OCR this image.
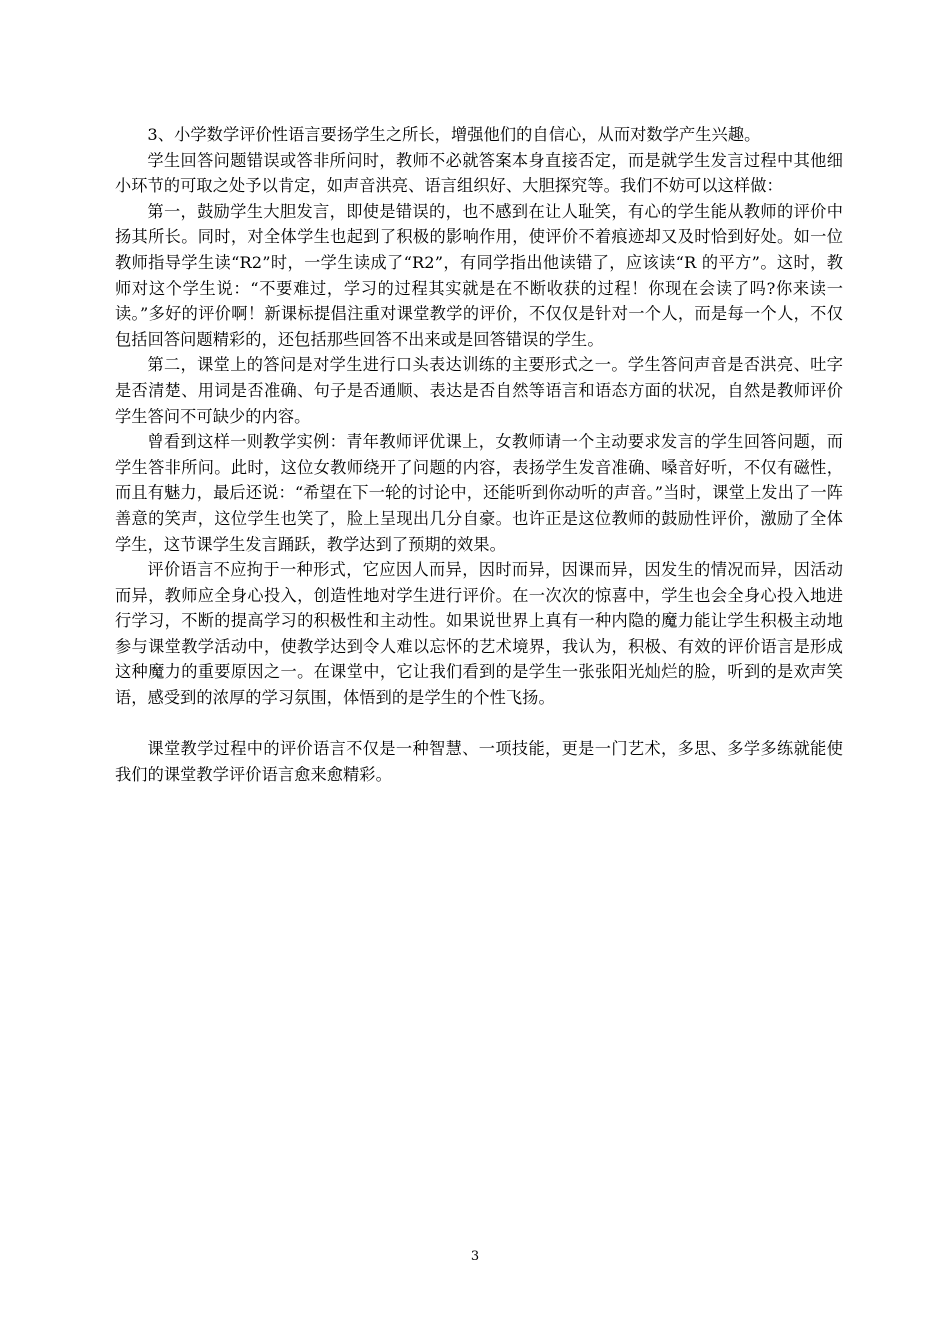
3、小学数学评价性语言要扬学生之所长，增强他们的自信心，从而对数学产生兴趣。

学生回答问题错误或答非所问时，教师不必就答案本身直接否定，而是就学生发言过程中其他细小环节的可取之处予以肯定，如声音洪亮、语言组织好、大胆探究等。我们不妨可以这样做：

第一，鼓励学生大胆发言，即使是错误的，也不感到在让人耻笑，有心的学生能从教师的评价中扬其所长。同时，对全体学生也起到了积极的影响作用，使评价不着痕迹却又及时恰到好处。如一位教师指导学生读“R2”时，一学生读成了“R2”，有同学指出他读错了，应该读“R 的平方”。这时，教师对这个学生说：“不要难过，学习的过程其实就是在不断收获的过程！你现在会读了吗?你来读一读。”多好的评价啊！新课标提倡注重对课堂教学的评价，不仅仅是针对一个人，而是每一个人，不仅包括回答问题精彩的，还包括那些回答不出来或是回答错误的学生。

第二，课堂上的答问是对学生进行口头表达训练的主要形式之一。学生答问声音是否洪亮、吐字是否清楚、用词是否准确、句子是否通顺、表达是否自然等语言和语态方面的状况，自然是教师评价学生答问不可缺少的内容。

曾看到这样一则教学实例：青年教师评优课上，女教师请一个主动要求发言的学生回答问题，而学生答非所问。此时，这位女教师绕开了问题的内容，表扬学生发音准确、嗓音好听，不仅有磁性，而且有魅力，最后还说：“希望在下一轮的讨论中，还能听到你动听的声音。”当时，课堂上发出了一阵善意的笑声，这位学生也笑了，脸上呈现出几分自豪。也许正是这位教师的鼓励性评价，激励了全体学生，这节课学生发言踊跃，教学达到了预期的效果。

评价语言不应拘于一种形式，它应因人而异，因时而异，因课而异，因发生的情况而异，因活动而异，教师应全身心投入，创造性地对学生进行评价。在一次次的惊喜中，学生也会全身心投入地进行学习，不断的提高学习的积极性和主动性。如果说世界上真有一种内隐的魔力能让学生积极主动地参与课堂教学活动中，使教学达到令人难以忘怀的艺术境界，我认为，积极、有效的评价语言是形成这种魔力的重要原因之一。在课堂中，它让我们看到的是学生一张张阳光灿烂的脸，听到的是欢声笑语，感受到的浓厚的学习氛围，体悟到的是学生的个性飞扬。

课堂教学过程中的评价语言不仅是一种智慧、一项技能，更是一门艺术，多思、多学多练就能使我们的课堂教学评价语言愈来愈精彩。

3
